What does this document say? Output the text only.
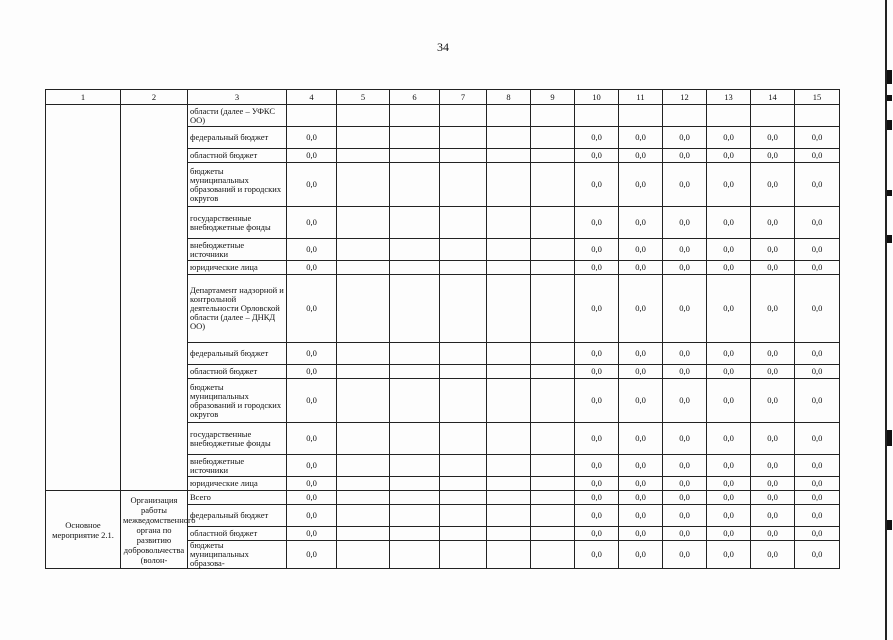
34
1	2	3	4	5	6	7	8	9	10	11	12	13	14	15
		области (далее – УФКС ОО)												
		федеральный бюджет	0,0						0,0	0,0	0,0	0,0	0,0	0,0
		областной бюджет	0,0						0,0	0,0	0,0	0,0	0,0	0,0
		бюджеты муниципальных образований и городских округов	0,0						0,0	0,0	0,0	0,0	0,0	0,0
		государственные внебюджетные фонды	0,0						0,0	0,0	0,0	0,0	0,0	0,0
		внебюджетные источники	0,0						0,0	0,0	0,0	0,0	0,0	0,0
		юридические лица	0,0						0,0	0,0	0,0	0,0	0,0	0,0
		Департамент надзорной и контрольной деятельности Орловской области (далее – ДНКД ОО)	0,0						0,0	0,0	0,0	0,0	0,0	0,0
		федеральный бюджет	0,0						0,0	0,0	0,0	0,0	0,0	0,0
		областной бюджет	0,0						0,0	0,0	0,0	0,0	0,0	0,0
		бюджеты муниципальных образований и городских округов	0,0						0,0	0,0	0,0	0,0	0,0	0,0
		государственные внебюджетные фонды	0,0						0,0	0,0	0,0	0,0	0,0	0,0
		внебюджетные источники	0,0						0,0	0,0	0,0	0,0	0,0	0,0
		юридические лица	0,0						0,0	0,0	0,0	0,0	0,0	0,0
Основное мероприятие 2.1.	Организация работы межведомственного органа по развитию добровольчества (волон-	Всего	0,0						0,0	0,0	0,0	0,0	0,0	0,0
		федеральный бюджет	0,0						0,0	0,0	0,0	0,0	0,0	0,0
		областной бюджет	0,0						0,0	0,0	0,0	0,0	0,0	0,0
		бюджеты муниципальных образова-	0,0						0,0	0,0	0,0	0,0	0,0	0,0
